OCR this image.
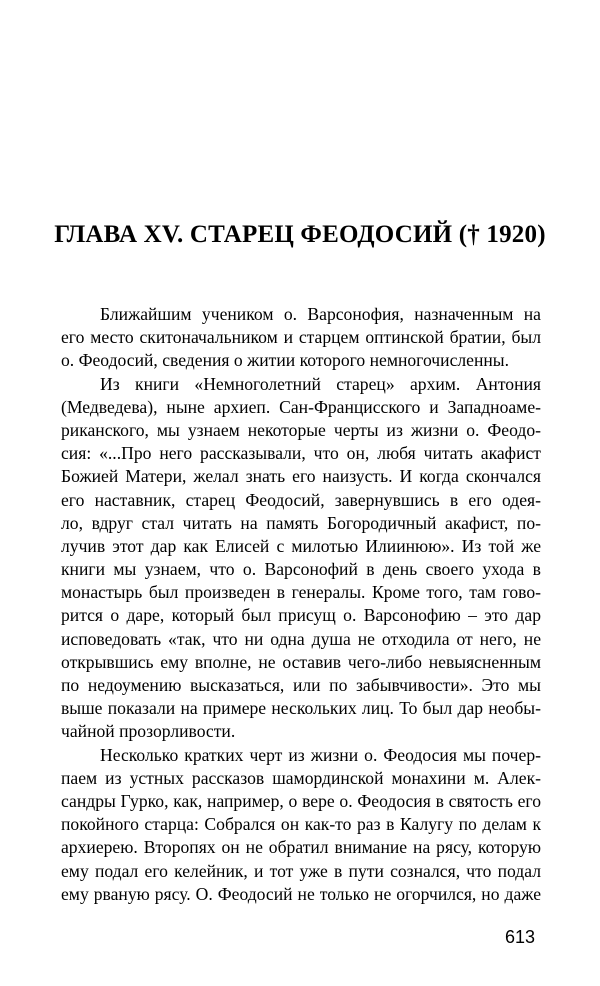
ГЛАВА XV. СТАРЕЦ ФЕОДОСИЙ († 1920)
Ближайшим учеником о. Варсонофия, назначенным на
его место скитоначальником и старцем оптинской братии, был
о. Феодосий, сведения о житии которого немногочисленны.
Из книги «Немноголетний старец» архим. Антония
(Медведева), ныне архиеп. Сан-Францисского и Западноаме-
риканского, мы узнаем некоторые черты из жизни о. Феодо-
сия: «...Про него рассказывали, что он, любя читать акафист
Божией Матери, желал знать его наизусть. И когда скончался
его наставник, старец Феодосий, завернувшись в его одея-
ло, вдруг стал читать на память Богородичный акафист, по-
лучив этот дар как Елисей с милотью Илиинюю». Из той же
книги мы узнаем, что о. Варсонофий в день своего ухода в
монастырь был произведен в генералы. Кроме того, там гово-
рится о даре, который был присущ о. Варсонофию – это дар
исповедовать «так, что ни одна душа не отходила от него, не
открывшись ему вполне, не оставив чего-либо невыясненным
по недоумению высказаться, или по забывчивости». Это мы
выше показали на примере нескольких лиц. То был дар необы-
чайной прозорливости.
Несколько кратких черт из жизни о. Феодосия мы почер-
паем из устных рассказов шамординской монахини м. Алек-
сандры Гурко, как, например, о вере о. Феодосия в святость его
покойного старца: Собрался он как-то раз в Калугу по делам к
архиерею. Второпях он не обратил внимание на рясу, которую
ему подал его келейник, и тот уже в пути сознался, что подал
ему рваную рясу. О. Феодосий не только не огорчился, но даже
613
